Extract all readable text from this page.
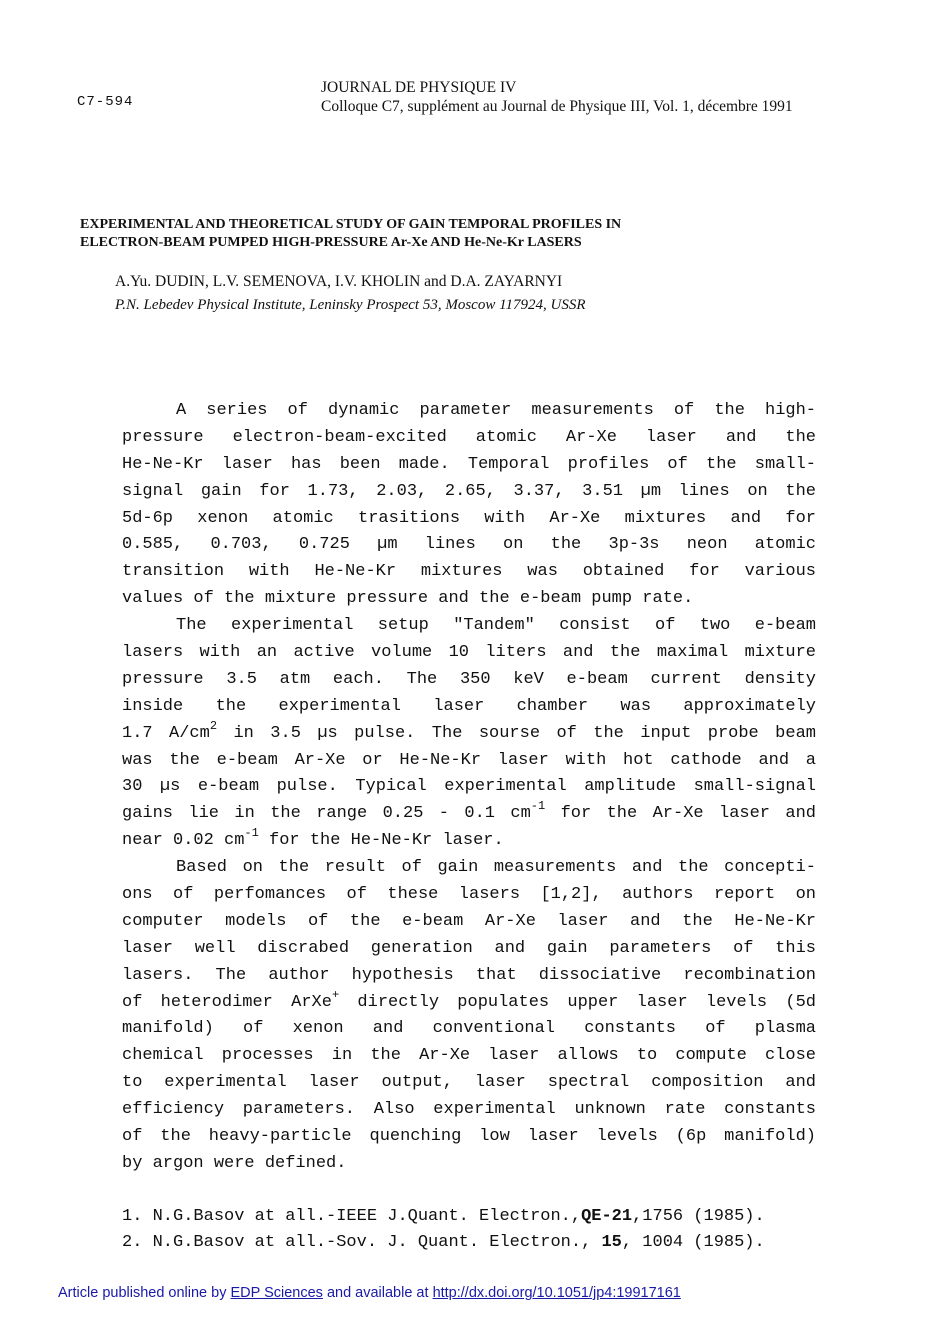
C7-594
JOURNAL DE PHYSIQUE IV
Colloque C7, supplément au Journal de Physique III, Vol. 1, décembre 1991
EXPERIMENTAL AND THEORETICAL STUDY OF GAIN TEMPORAL PROFILES IN
ELECTRON-BEAM PUMPED HIGH-PRESSURE Ar-Xe AND He-Ne-Kr LASERS
A.Yu. DUDIN, L.V. SEMENOVA, I.V. KHOLIN and D.A. ZAYARNYI
P.N. Lebedev Physical Institute, Leninsky Prospect 53, Moscow 117924, USSR
A series of dynamic parameter measurements of the high-
pressure electron-beam-excited atomic Ar-Xe laser and the
He-Ne-Kr laser has been made. Temporal profiles of the small-
signal gain for 1.73, 2.03, 2.65, 3.37, 3.51 µm lines on the
5d-6p xenon atomic trasitions with Ar-Xe mixtures and for
0.585, 0.703, 0.725 µm lines on the 3p-3s neon atomic
transition with He-Ne-Kr mixtures was obtained for various
values of the mixture pressure and the e-beam pump rate.
The experimental setup "Tandem" consist of two e-beam
lasers with an active volume 10 liters and the maximal mixture
pressure 3.5 atm each. The 350 keV e-beam current density
inside the experimental laser chamber was approximately
1.7 $A/cm^2$ in 3.5 µs pulse. The sourse of the input probe beam
was the e-beam Ar-Xe or He-Ne-Kr laser with hot cathode and a
30 µs e-beam pulse. Typical experimental amplitude small-signal
gains lie in the range 0.25 - 0.1 $cm^{-1}$ for the Ar-Xe laser and
near 0.02 $cm^{-1}$ for the He-Ne-Kr laser.
Based on the result of gain measurements and the concepti-
ons of perfomances of these lasers [1,2], authors report on
computer models of the e-beam Ar-Xe laser and the He-Ne-Kr
laser well discrabed generation and gain parameters of this
lasers. The author hypothesis that dissociative recombination
of heterodimer ArXe+ directly populates upper laser levels (5d
manifold) of xenon and conventional constants of plasma
chemical processes in the Ar-Xe laser allows to compute close
to experimental laser output, laser spectral composition and
efficiency parameters. Also experimental unknown rate constants
of the heavy-particle quenching low laser levels (6p manifold)
by argon were defined.
1. N.G.Basov at all.-IEEE J.Quant. Electron.,QE-21,1756 (1985).
2. N.G.Basov at all.-Sov. J. Quant. Electron., 15, 1004 (1985).
Article published online by EDP Sciences and available at http://dx.doi.org/10.1051/jp4:19917161
